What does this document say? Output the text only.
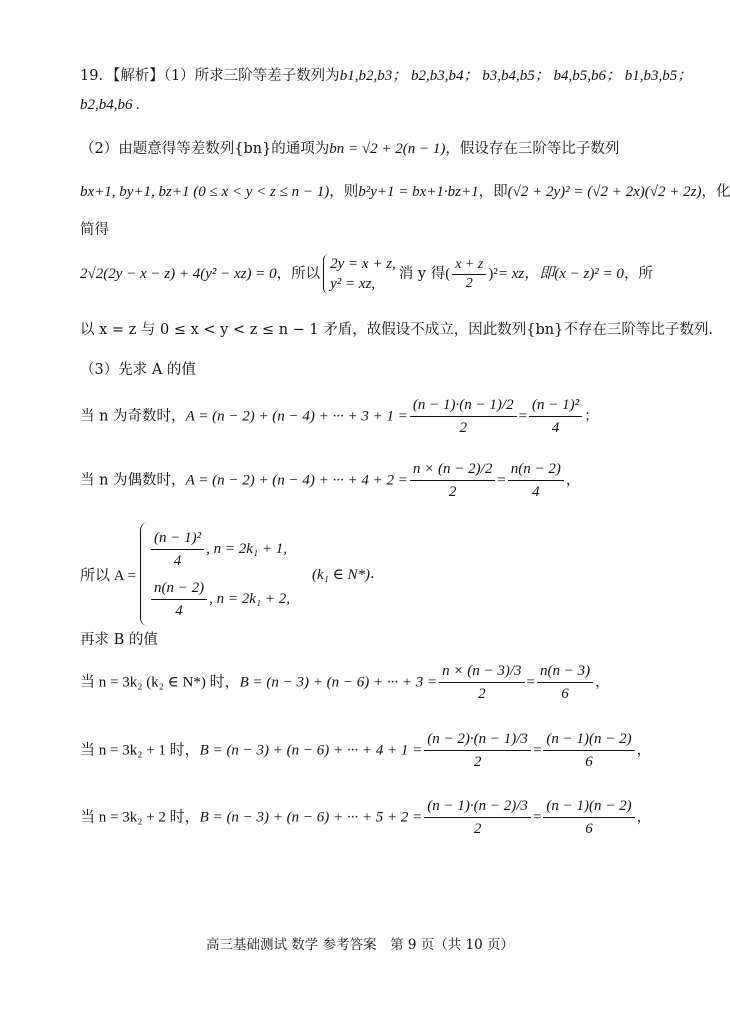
19．【解析】（1）所求三阶等差子数列为b1,b2,b3； b2,b3,b4； b3,b4,b5； b4,b5,b6； b1,b3,b5；
b2,b4,b6 .
（2）由题意得等差数列{bn}的通项为bn = √2 + 2(n − 1)，假设存在三阶等比子数列
bx+1, by+1, bz+1 (0 ≤ x < y < z ≤ n − 1)，则b²y+1 = bx+1·bz+1，即(√2 + 2y)² = (√2 + 2x)(√2 + 2z)，化
简得
2√2(2y − x − z) + 4(y² − xz) = 0，所以
2y = x + z,
y² = xz,
消 y 得( $\frac{x + z}{2} )^2=$ xz，即(x − z)² = 0，所
以 x = z 与 0 ≤ x < y < z ≤ n − 1 矛盾，故假设不成立，因此数列{bn}不存在三阶等比子数列.
（3）先求 A 的值
当 n 为奇数时，A = (n − 2) + (n − 4) + ··· + $3 + 1 = \frac{(n - 1)\cdot(n - 1)/2}{2} = \frac{\text{(n − 1)²}}{4}$ ；
当 n 为偶数时，A = (n − 2) + (n − 4) + ··· + $4 + 2 = \frac{n \times (n - 2)/2}{2} = \frac{n(n - 2)}{4}$ ，
所以 A =
$\frac{\text{(n − 1)²}}{4}$ , n = 2k₁ + 1,
$\frac{n(n - 2)}{4}$ , n = 2k₁ + 2,
(k₁ ∈ N*) .
再求 B 的值
当 n = 3k₂ (k₂ ∈ N*) 时，B = (n − 3) + (n − 6) + ··· + $3 = \frac{n \times (n - 3)/3}{2} = \frac{n(n - 3)}{6}$ ，
当 n = 3k₂ + 1 时，B = (n − 3) + (n − 6) + ··· + $4 + 1 = \frac{(n - 2)\cdot(n - 1)/3}{2} = \frac{(n - 1)(n - 2)}{6}$ ，
当 n = 3k₂ + 2 时，B = (n − 3) + (n − 6) + ··· + $5 + 2 = \frac{(n - 1)\cdot(n - 2)/3}{2} = \frac{(n - 1)(n - 2)}{6}$ ，
高三基础测试 数学 参考答案　第 9 页（共 10 页）
